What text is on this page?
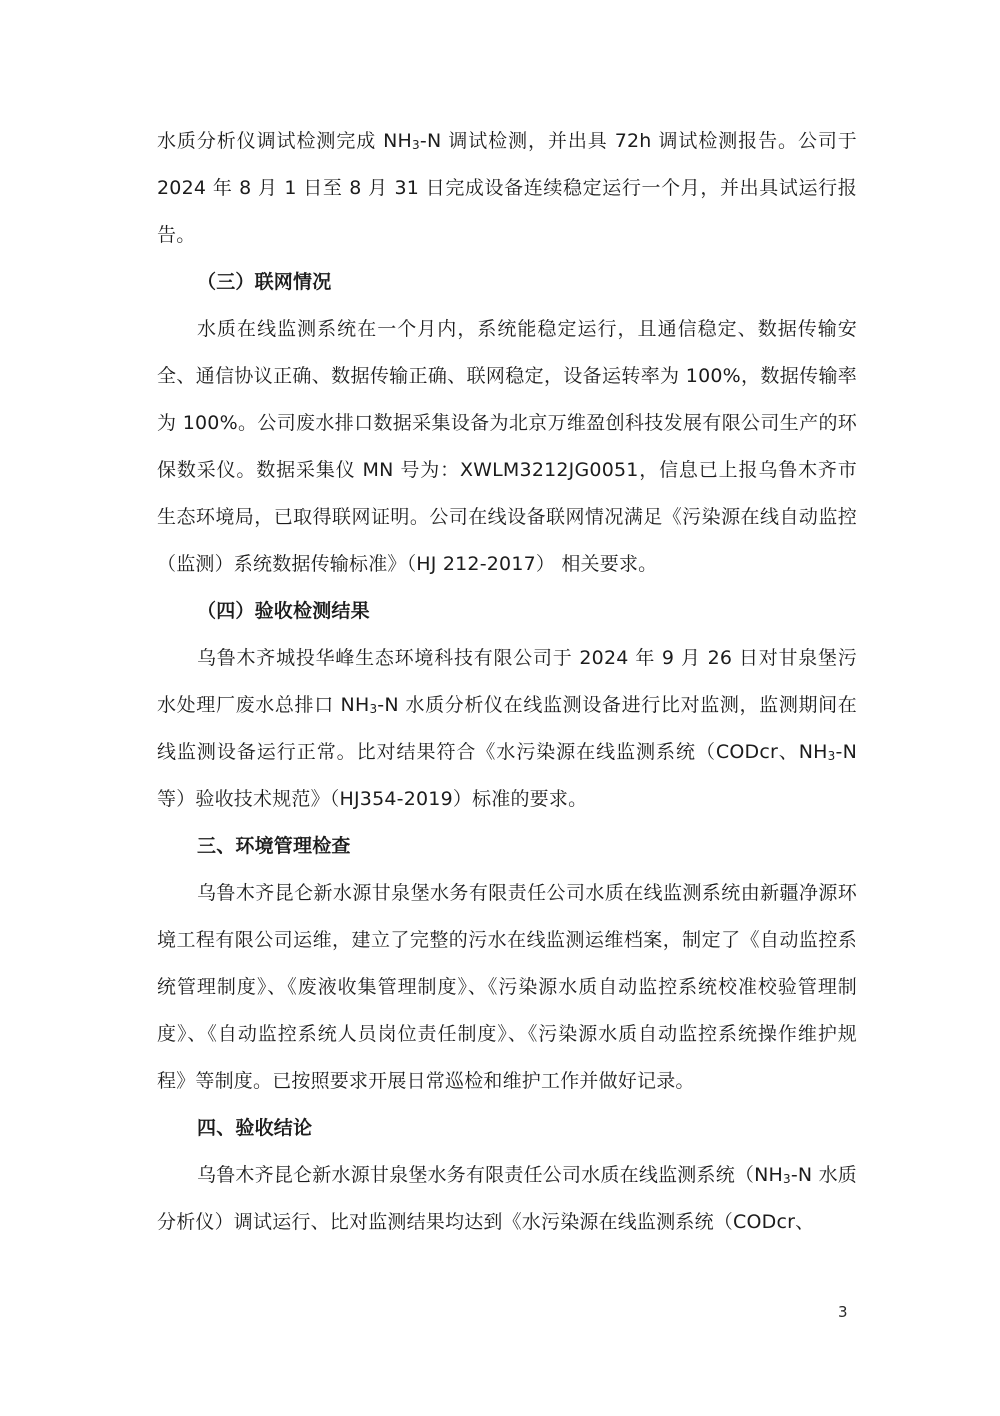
水质分析仪调试检测完成 $NH_3-N$ 调试检测，并出具 72h 调试检测报告。公司于 2024 年 8 月 1 日至 8 月 31 日完成设备连续稳定运行一个月，并出具试运行报告。

（三）联网情况

水质在线监测系统在一个月内，系统能稳定运行，且通信稳定、数据传输安全、通信协议正确、数据传输正确、联网稳定，设备运转率为 100%，数据传输率为 100%。公司废水排口数据采集设备为北京万维盈创科技发展有限公司生产的环保数采仪。数据采集仪 MN 号为：XWLM3212JG0051，信息已上报乌鲁木齐市生态环境局，已取得联网证明。公司在线设备联网情况满足《污染源在线自动监控（监测）系统数据传输标准》（HJ 212-2017） 相关要求。

（四）验收检测结果

乌鲁木齐城投华峰生态环境科技有限公司于 2024 年 9 月 26 日对甘泉堡污水处理厂废水总排口 $NH_3-N$ 水质分析仪在线监测设备进行比对监测，监测期间在线监测设备运行正常。比对结果符合《水污染源在线监测系统（CODcr、$NH_3-N$ 等）验收技术规范》（HJ354-2019）标准的要求。

三、环境管理检查

乌鲁木齐昆仑新水源甘泉堡水务有限责任公司水质在线监测系统由新疆净源环境工程有限公司运维，建立了完整的污水在线监测运维档案，制定了《自动监控系统管理制度》、《废液收集管理制度》、《污染源水质自动监控系统校准校验管理制度》、《自动监控系统人员岗位责任制度》、《污染源水质自动监控系统操作维护规程》等制度。已按照要求开展日常巡检和维护工作并做好记录。

四、验收结论

乌鲁木齐昆仑新水源甘泉堡水务有限责任公司水质在线监测系统（$NH_3-N$ 水质分析仪）调试运行、比对监测结果均达到《水污染源在线监测系统（CODcr、

3
